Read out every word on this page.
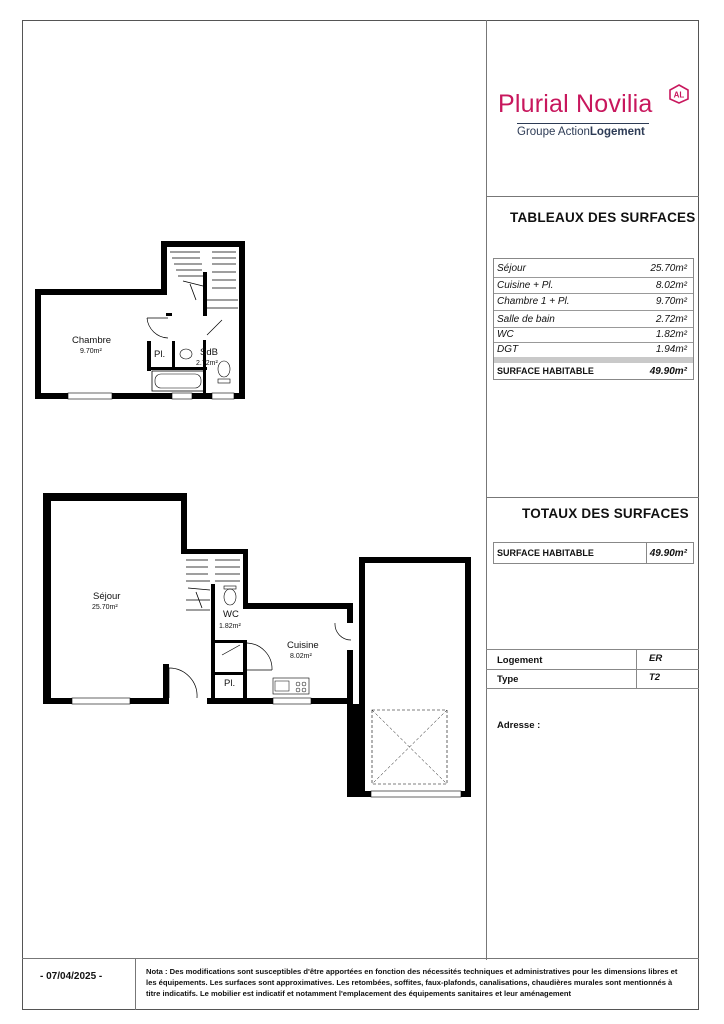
Plurial Novilia	AL
Groupe ActionLogement
TABLEAUX DES SURFACES
Séjour	25.70m²
Cuisine + Pl.	8.02m²
Chambre 1 + Pl.	9.70m²
Salle de bain	2.72m²
WC	1.82m²
DGT	1.94m²
SURFACE HABITABLE	49.90m²
TOTAUX DES SURFACES
SURFACE HABITABLE	49.90m²
Logement	ER
Type	T2
Adresse :
Chambre
9.70m²	Pl.	SdB
2.72m²
Séjour
25.70m²
WC
1.82m²
Cuisine
8.02m²
Pl.
- 07/04/2025 -	Nota : Des modifications sont susceptibles d'être apportées en fonction des nécessités techniques et administratives pour les dimensions libres et les équipements. Les surfaces sont approximatives. Les retombées, soffites, faux-plafonds, canalisations, chaudières murales sont mentionnés à titre indicatifs. Le mobilier est indicatif et notamment l'emplacement des équipements sanitaires et leur aménagement
